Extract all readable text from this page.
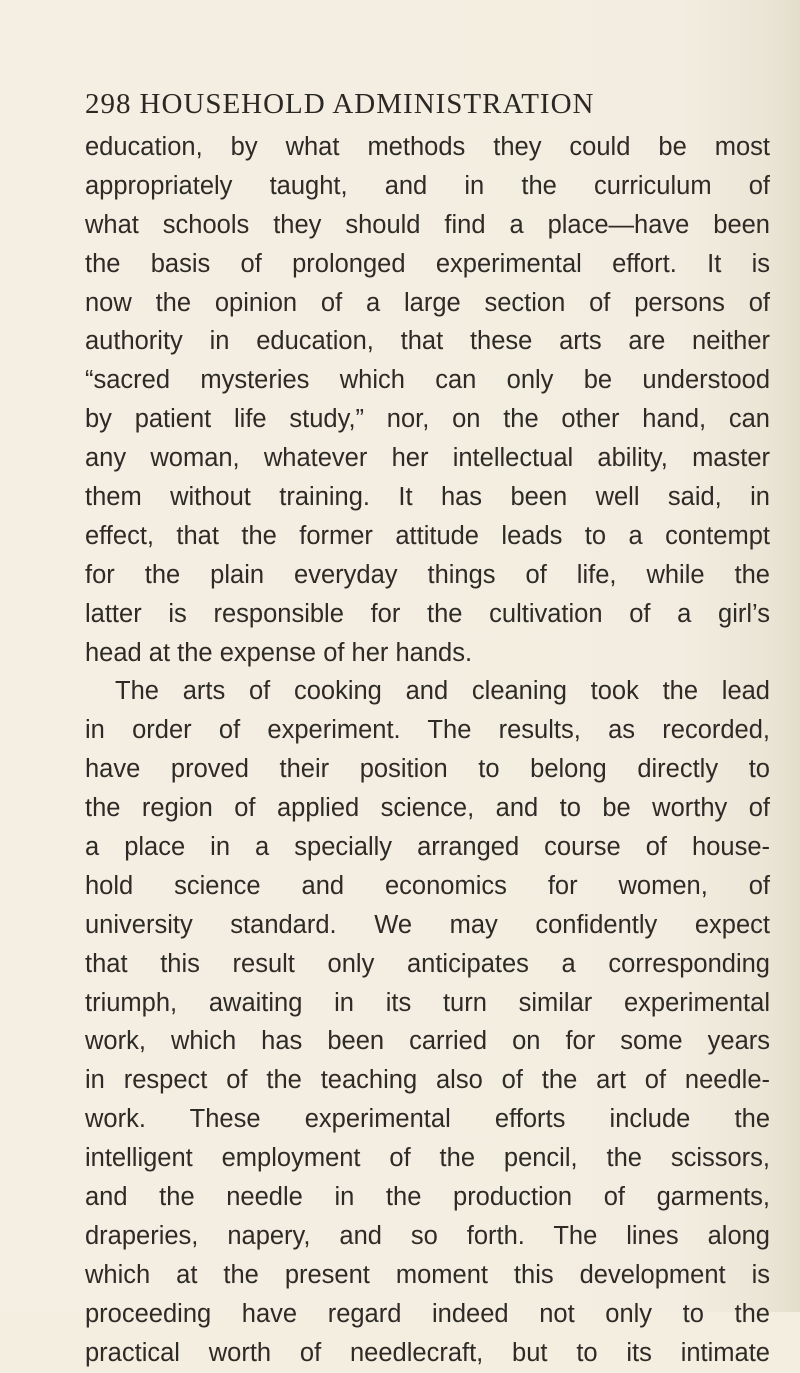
298 HOUSEHOLD ADMINISTRATION
education, by what methods they could be most
appropriately taught, and in the curriculum of
what schools they should find a place—have been
the basis of prolonged experimental effort. It is
now the opinion of a large section of persons of
authority in education, that these arts are neither
“sacred mysteries which can only be understood
by patient life study,” nor, on the other hand, can
any woman, whatever her intellectual ability, master
them without training. It has been well said, in
effect, that the former attitude leads to a contempt
for the plain everyday things of life, while the
latter is responsible for the cultivation of a girl’s
head at the expense of her hands.
The arts of cooking and cleaning took the lead
in order of experiment. The results, as recorded,
have proved their position to belong directly to
the region of applied science, and to be worthy of
a place in a specially arranged course of house-
hold science and economics for women, of
university standard. We may confidently expect
that this result only anticipates a corresponding
triumph, awaiting in its turn similar experimental
work, which has been carried on for some years
in respect of the teaching also of the art of needle-
work. These experimental efforts include the
intelligent employment of the pencil, the scissors,
and the needle in the production of garments,
draperies, napery, and so forth. The lines along
which at the present moment this development is
proceeding have regard indeed not only to the
practical worth of needlecraft, but to its intimate
